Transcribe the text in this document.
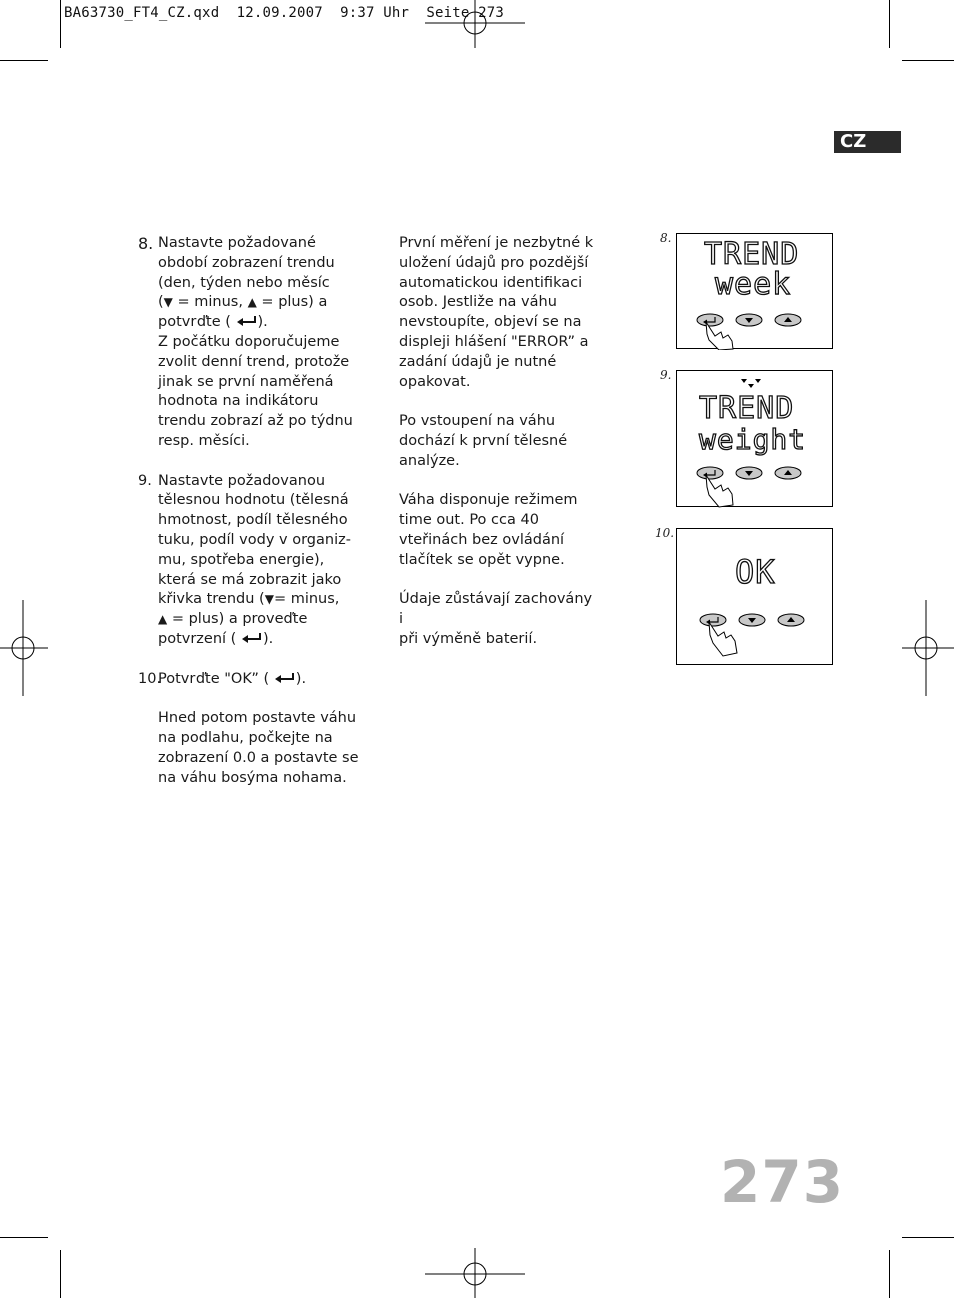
BA63730_FT4_CZ.qxd  12.09.2007  9:37 Uhr  Seite 273
CZ
8. Nastavte požadované

období zobrazení trendu

(den, týden nebo měsíc

(▼ = minus, ▲ = plus) a

potvrďte ( ).

Z počátku doporučujeme

zvolit denní trend, protože

jinak se první naměřená

hodnota na indikátoru

trendu zobrazí až po týdnu

resp. měsíci.

9. Nastavte požadovanou

tělesnou hodnotu (tělesná

hmotnost, podíl tělesného

tuku, podíl vody v organiz-

mu, spotřeba energie),

která se má zobrazit jako

křivka trendu (▼= minus,

▲ = plus) a proveďte

potvrzení ( ).

10.

Potvrďte "OK” ( ).

Hned potom postavte váhu

na podlahu, počkejte na

zobrazení 0.0 a postavte se

na váhu bosýma nohama.

První měření je nezbytné k

uložení údajů pro pozdější

automatickou identifikaci

osob. Jestliže na váhu

nevstoupíte, objeví se na

displeji hlášení "ERROR” a

zadání údajů je nutné

opakovat.

Po vstoupení na váhu

dochází k první tělesné

analýze.

Váha disponuje režimem

time out. Po cca 40

vteřinách bez ovládání

tlačítek se opět vypne.

Údaje zůstávají zachovány i

při výměně baterií.

8. TREND
week
9.
TREND
weight
10.
OK
273
